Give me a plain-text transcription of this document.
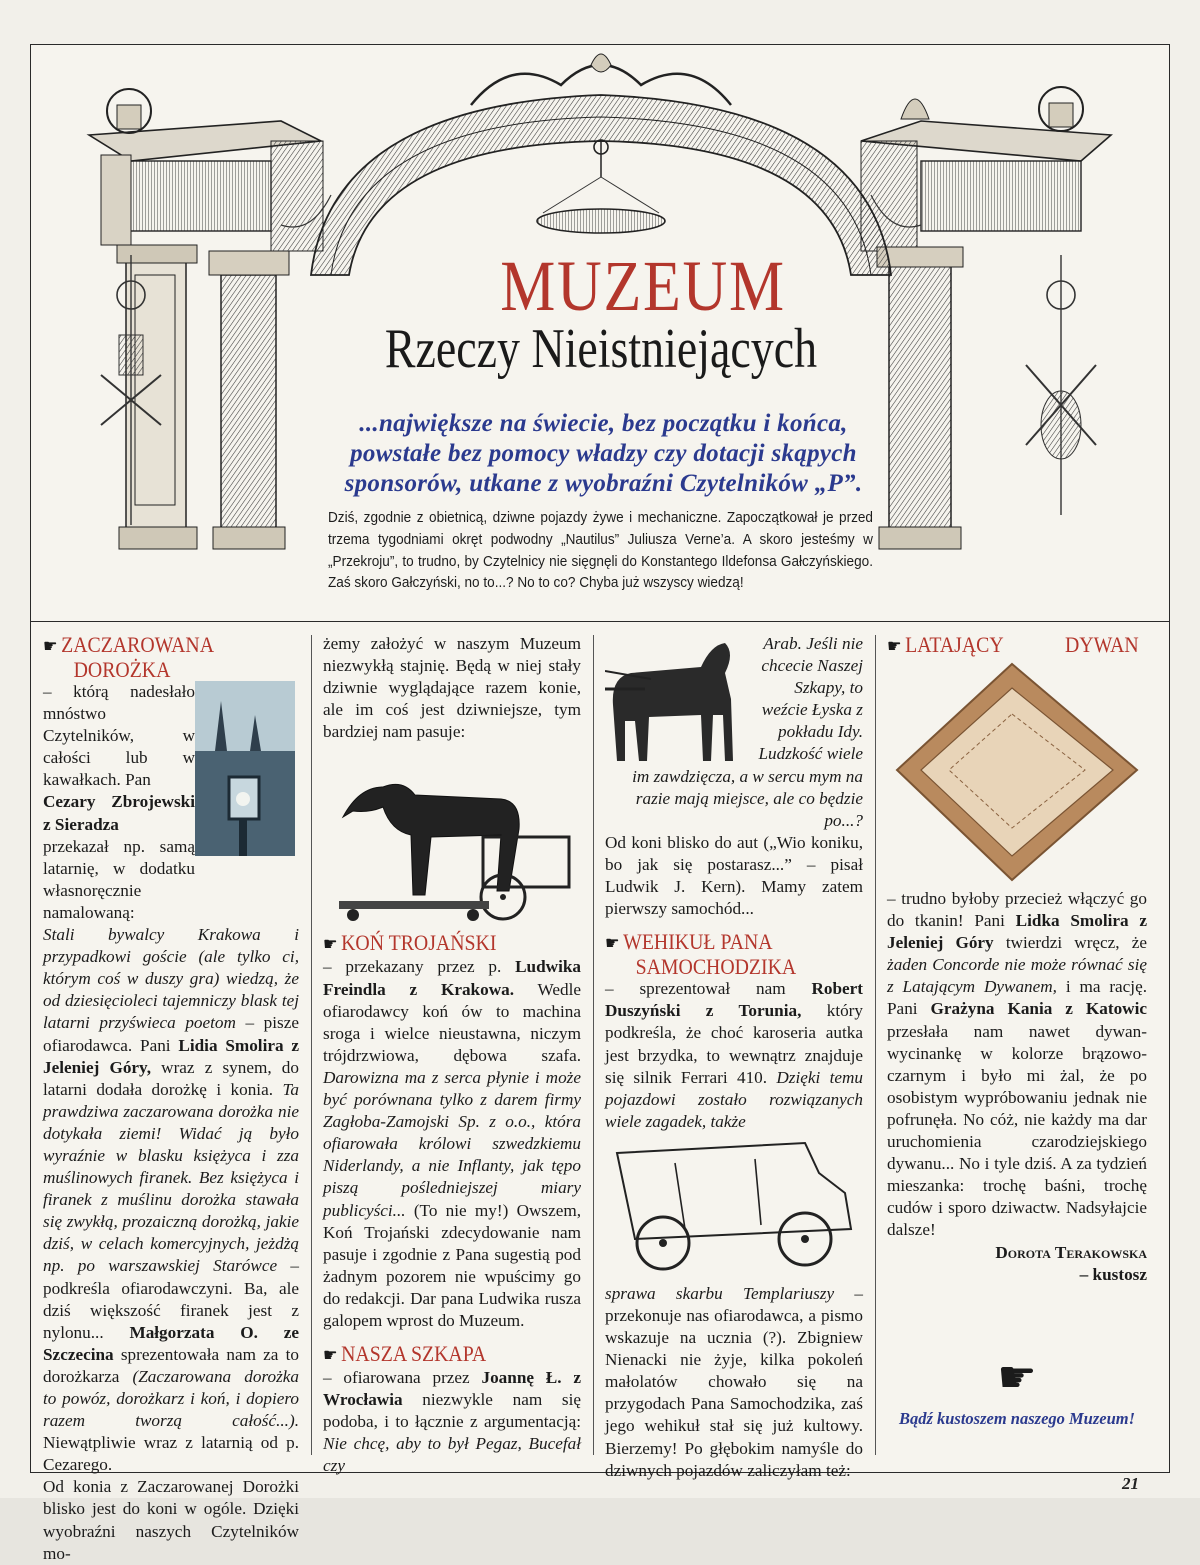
MUZEUM
Rzeczy Nieistniejących
...największe na świecie, bez początku i końca, powstałe bez pomocy władzy czy dotacji skąpych sponsorów, utkane z wyobraźni Czytelników „P”.
Dziś, zgodnie z obietnicą, dziwne pojazdy żywe i mechaniczne. Zapoczątkował je przed trzema tygodniami okręt podwodny „Nautilus” Juliusza Verne’a. A skoro jesteśmy w „Przekroju”, to trudno, by Czytelnicy nie sięgnęli do Konstantego Ildefonsa Gałczyńskiego. Zaś skoro Gałczyński, no to...? No to co? Chyba już wszyscy wiedzą!
☛ ZACZAROWANA
DOROŻKA

– którą nadesłało mnóstwo Czytelników, w całości lub w kawałkach. Pan

Cezary Zbrojewski z Sieradza

przekazał np. samą latarnię, w dodatku własnoręcznie namalowaną:

Stali bywalcy Krakowa i przypadkowi goście (ale tylko ci, którym coś w duszy gra) wiedzą, że od dziesięcioleci tajemniczy blask tej latarni przyświeca poetom – pisze ofiarodawca. Pani Lidia Smolira z Jeleniej Góry, wraz z synem, do latarni dodała dorożkę i konia. Ta prawdziwa zaczarowana dorożka nie dotykała ziemi! Widać ją było wyraźnie w blasku księżyca i zza muślinowych firanek. Bez księżyca i firanek z muślinu dorożka stawała się zwykłą, prozaiczną dorożką, jakie dziś, w celach komercyjnych, jeżdżą np. po warszawskiej Starówce – podkreśla ofiarodawczyni. Ba, ale dziś większość firanek jest z nylonu... Małgorzata O. ze Szczecina sprezentowała nam za to dorożkarza (Zaczarowana dorożka to powóz, dorożkarz i koń, i dopiero razem tworzą całość...). Niewątpliwie wraz z latarnią od p. Cezarego.

Od konia z Zaczarowanej Dorożki blisko jest do koni w ogóle. Dzięki wyobraźni naszych Czytelników mo-

żemy założyć w naszym Muzeum niezwykłą stajnię. Będą w niej stały dziwnie wyglądające razem konie, ale im coś jest dziwniejsze, tym bardziej nam pasuje:

☛ KOŃ TROJAŃSKI

– przekazany przez p. Ludwika Freindla z Krakowa. Wedle ofiarodawcy koń ów to machina sroga i wielce nieustawna, niczym trójdrzwiowa, dębowa szafa. Darowizna ma z serca płynie i może być porównana tylko z darem firmy Zagłoba-Zamojski Sp. z o.o., która ofiarowała królowi szwedzkiemu Niderlandy, a nie Inflanty, jak tępo piszą pośledniejszej miary publicyści... (To nie my!) Owszem, Koń Trojański zdecydowanie nam pasuje i zgodnie z Pana sugestią pod żadnym pozorem nie wpuścimy go do redakcji. Dar pana Ludwika rusza galopem wprost do Muzeum.

☛ NASZA SZKAPA

– ofiarowana przez Joannę Ł. z Wrocławia niezwykle nam się podoba, i to łącznie z argumentacją: Nie chcę, aby to był Pegaz, Bucefał czy

Arab. Jeśli nie chcecie Naszej Szkapy, to weźcie Łyska z pokładu Idy. Ludzkość wiele im zawdzięcza, a w sercu mym na razie mają miejsce, ale co będzie po...?

Od koni blisko do aut („Wio koniku, bo jak się postarasz...” – pisał Ludwik J. Kern). Mamy zatem pierwszy samochód...

☛ WEHIKUŁ PANA
SAMOCHODZIKA

– sprezentował nam Robert Duszyński z Torunia, który podkreśla, że choć karoseria autka jest brzydka, to wewnątrz znajduje się silnik Ferrari 410. Dzięki temu pojazdowi zostało rozwiązanych wiele zagadek, także

sprawa skarbu Templariuszy – przekonuje nas ofiarodawca, a pismo wskazuje na ucznia (?). Zbigniew Nienacki nie żyje, kilka pokoleń małolatów chowało się na przygodach Pana Samochodzika, zaś jego wehikuł stał się już kultowy. Bierzemy! Po głębokim namyśle do dziwnych pojazdów zaliczyłam też:

☛ LATAJĄCY	DYWAN

– trudno byłoby przecież włączyć go do tkanin! Pani Lidka Smolira z Jeleniej Góry twierdzi wręcz, że żaden Concorde nie może równać się z Latającym Dywanem, i ma rację. Pani Grażyna Kania z Katowic przesłała nam nawet dywan-wycinankę w kolorze brązowo-czarnym i było mi żal, że po osobistym wypróbowaniu jednak nie pofrunęła. No cóż, nie każdy ma dar uruchomienia czarodziejskiego dywanu... No i tyle dziś. A za tydzień mieszanka: trochę baśni, trochę cudów i sporo dziwactw. Nadsyłajcie dalsze!

Dorota Terakowska

– kustosz

☛
Bądź kustoszem naszego Muzeum!
21
